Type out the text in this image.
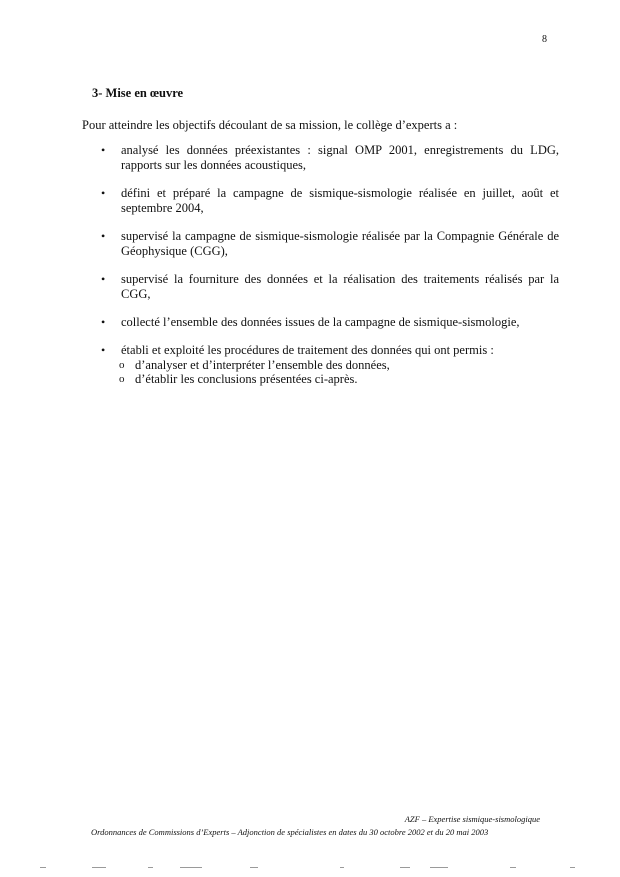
8
3- Mise en œuvre
Pour atteindre les objectifs découlant de sa mission, le collège d’experts a :
• analysé les données préexistantes : signal OMP 2001, enregistrements du LDG, rapports sur les données acoustiques,
• défini et préparé la campagne de sismique-sismologie réalisée en juillet, août et septembre 2004,
• supervisé la campagne de sismique-sismologie réalisée par la Compagnie Générale de Géophysique (CGG),
• supervisé la fourniture des données et la réalisation des traitements réalisés par la CGG,
• collecté l’ensemble des données issues de la campagne de sismique-sismologie,
• établi et exploité les procédures de traitement des données qui ont permis :
o d’analyser et d’interpréter l’ensemble des données,
o d’établir les conclusions présentées ci-après.
AZF – Expertise sismique-sismologique
Ordonnances de Commissions d’Experts – Adjonction de spécialistes en dates du 30 octobre 2002 et du 20 mai 2003
